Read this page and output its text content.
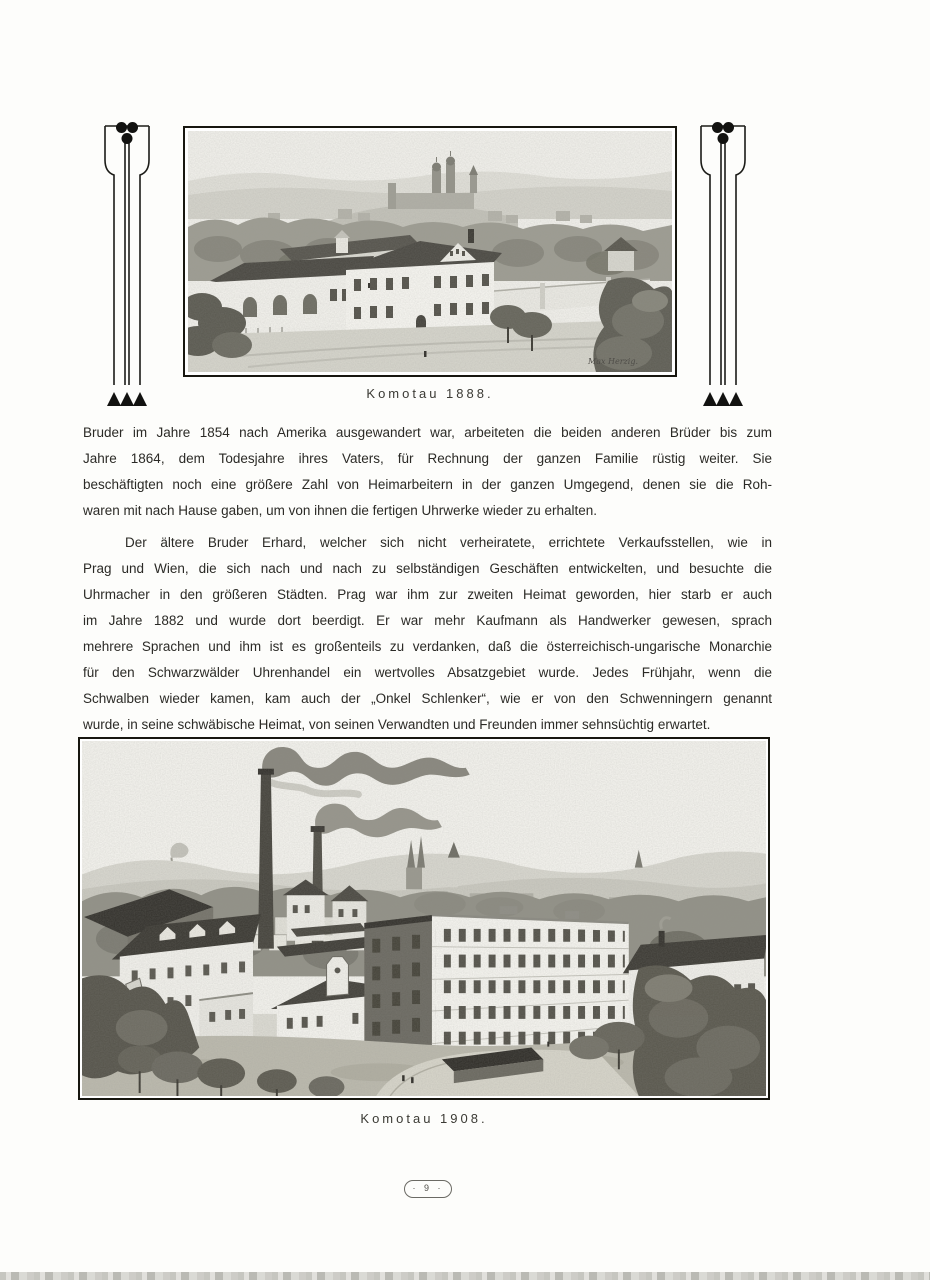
Komotau 1888.
Bruder im Jahre 1854 nach Amerika ausgewandert war, arbeiteten die beiden anderen Brüder bis zum
Jahre 1864, dem Todesjahre ihres Vaters, für Rechnung der ganzen Familie rüstig weiter. Sie
beschäftigten noch eine größere Zahl von Heimarbeitern in der ganzen Umgegend, denen sie die Roh-
waren mit nach Hause gaben, um von ihnen die fertigen Uhrwerke wieder zu erhalten.
Der ältere Bruder Erhard, welcher sich nicht verheiratete, errichtete Verkaufsstellen, wie in
Prag und Wien, die sich nach und nach zu selbständigen Geschäften entwickelten, und besuchte die
Uhrmacher in den größeren Städten. Prag war ihm zur zweiten Heimat geworden, hier starb er auch
im Jahre 1882 und wurde dort beerdigt. Er war mehr Kaufmann als Handwerker gewesen, sprach
mehrere Sprachen und ihm ist es großenteils zu verdanken, daß die österreichisch-ungarische Monarchie
für den Schwarzwälder Uhrenhandel ein wertvolles Absatzgebiet wurde. Jedes Frühjahr, wenn die
Schwalben wieder kamen, kam auch der „Onkel Schlenker“, wie er von den Schwenningern genannt
wurde, in seine schwäbische Heimat, von seinen Verwandten und Freunden immer sehnsüchtig erwartet.
Komotau 1908.
· 9 ·
